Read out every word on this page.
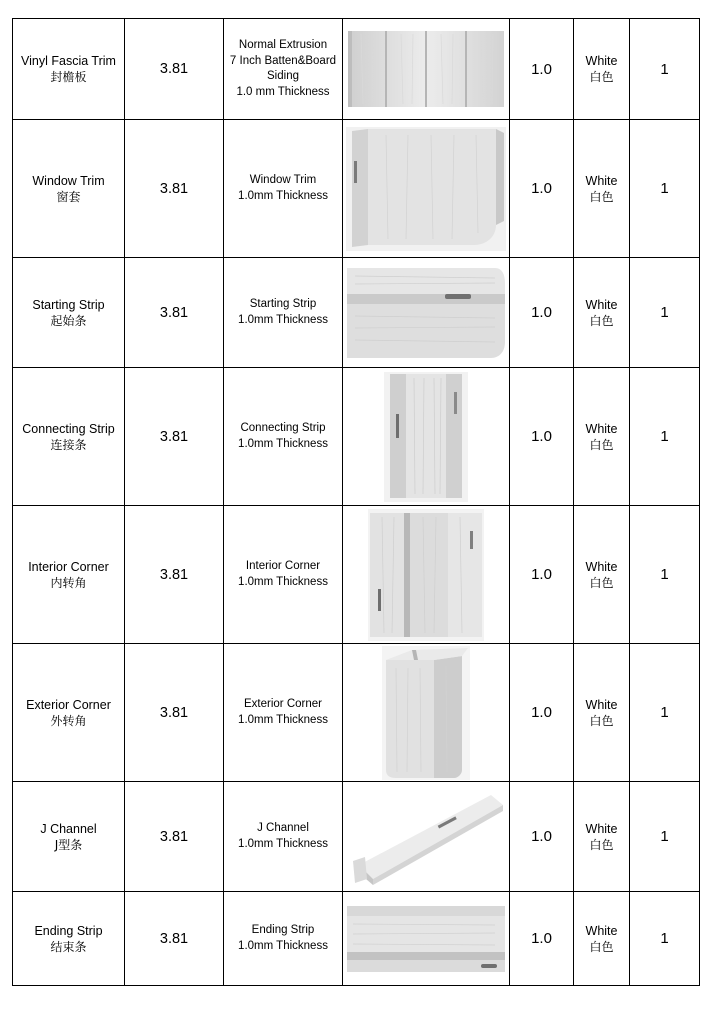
Vinyl Fascia Trim
封檐板	3.81	Normal Extrusion
7 Inch Batten&Board
Siding
1.0 mm Thickness		1.0	White
白色	1

Window Trim
窗套	3.81	Window Trim
1.0mm Thickness		1.0	White
白色	1

Starting Strip
起始条	3.81	Starting Strip
1.0mm Thickness		1.0	White
白色	1

Connecting Strip
连接条	3.81	Connecting Strip
1.0mm Thickness		1.0	White
白色	1

Interior Corner
内转角	3.81	Interior Corner
1.0mm Thickness		1.0	White
白色	1

Exterior Corner
外转角	3.81	Exterior Corner
1.0mm Thickness		1.0	White
白色	1

J Channel
J型条	3.81	J Channel
1.0mm Thickness		1.0	White
白色	1

Ending Strip
结束条	3.81	Ending Strip
1.0mm Thickness		1.0	White
白色	1
